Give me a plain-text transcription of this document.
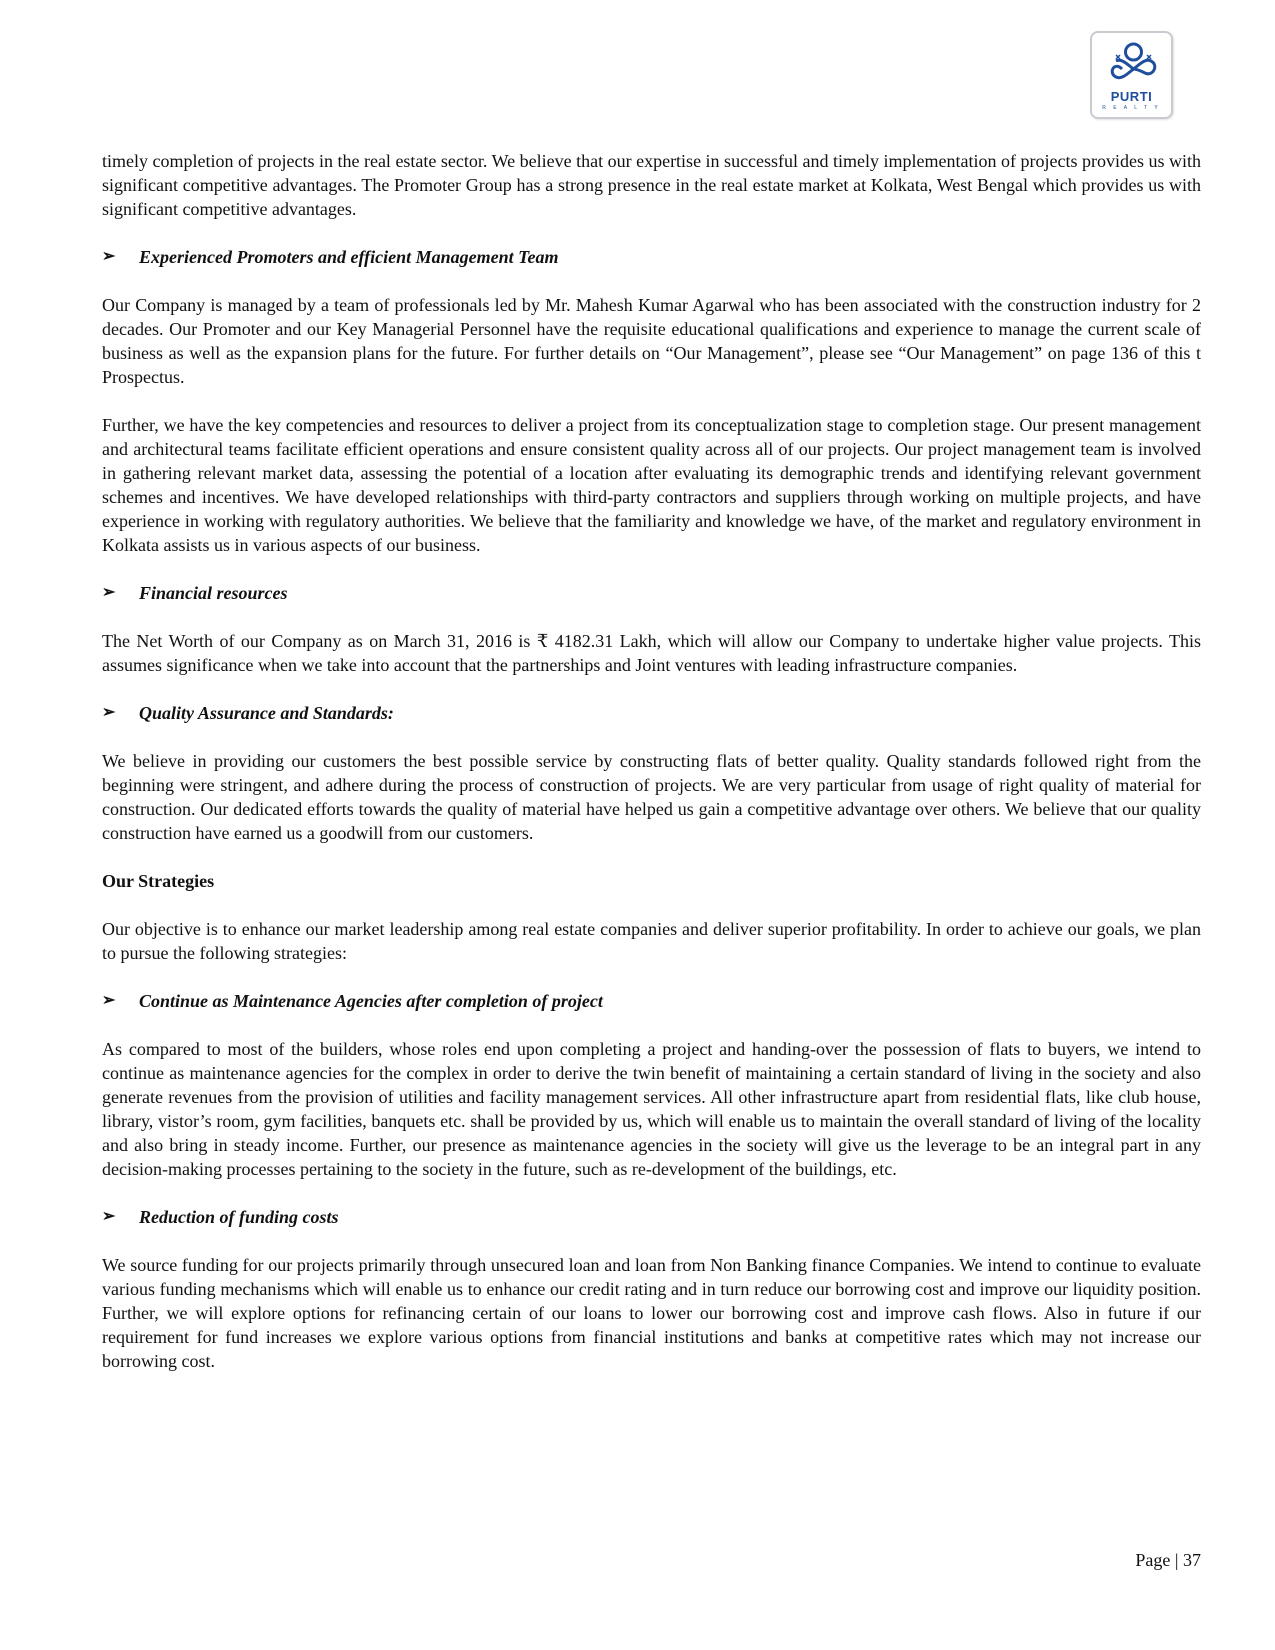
PURTI
R E A L T Y

timely completion of projects in the real estate sector. We believe that our expertise in successful and timely implementation of projects provides us with significant competitive advantages. The Promoter Group has a strong presence in the real estate market at Kolkata, West Bengal which provides us with significant competitive advantages.

➢ Experienced Promoters and efficient Management Team

Our Company is managed by a team of professionals led by Mr. Mahesh Kumar Agarwal who has been associated with the construction industry for 2 decades. Our Promoter and our Key Managerial Personnel have the requisite educational qualifications and experience to manage the current scale of business as well as the expansion plans for the future. For further details on “Our Management”, please see “Our Management” on page 136 of this t Prospectus.

Further, we have the key competencies and resources to deliver a project from its conceptualization stage to completion stage. Our present management and architectural teams facilitate efficient operations and ensure consistent quality across all of our projects. Our project management team is involved in gathering relevant market data, assessing the potential of a location after evaluating its demographic trends and identifying relevant government schemes and incentives. We have developed relationships with third-party contractors and suppliers through working on multiple projects, and have experience in working with regulatory authorities. We believe that the familiarity and knowledge we have, of the market and regulatory environment in Kolkata assists us in various aspects of our business.

➢ Financial resources

The Net Worth of our Company as on March 31, 2016 is ₹ 4182.31 Lakh, which will allow our Company to undertake higher value projects. This assumes significance when we take into account that the partnerships and Joint ventures with leading infrastructure companies.

➢ Quality Assurance and Standards:

We believe in providing our customers the best possible service by constructing flats of better quality. Quality standards followed right from the beginning were stringent, and adhere during the process of construction of projects. We are very particular from usage of right quality of material for construction. Our dedicated efforts towards the quality of material have helped us gain a competitive advantage over others. We believe that our quality construction have earned us a goodwill from our customers.

Our Strategies

Our objective is to enhance our market leadership among real estate companies and deliver superior profitability. In order to achieve our goals, we plan to pursue the following strategies:

➢ Continue as Maintenance Agencies after completion of project

As compared to most of the builders, whose roles end upon completing a project and handing-over the possession of flats to buyers, we intend to continue as maintenance agencies for the complex in order to derive the twin benefit of maintaining a certain standard of living in the society and also generate revenues from the provision of utilities and facility management services. All other infrastructure apart from residential flats, like club house, library, vistor’s room, gym facilities, banquets etc. shall be provided by us, which will enable us to maintain the overall standard of living of the locality and also bring in steady income. Further, our presence as maintenance agencies in the society will give us the leverage to be an integral part in any decision-making processes pertaining to the society in the future, such as re-development of the buildings, etc.

➢ Reduction of funding costs

We source funding for our projects primarily through unsecured loan and loan from Non Banking finance Companies. We intend to continue to evaluate various funding mechanisms which will enable us to enhance our credit rating and in turn reduce our borrowing cost and improve our liquidity position. Further, we will explore options for refinancing certain of our loans to lower our borrowing cost and improve cash flows. Also in future if our requirement for fund increases we explore various options from financial institutions and banks at competitive rates which may not increase our borrowing cost.

Page | 37
